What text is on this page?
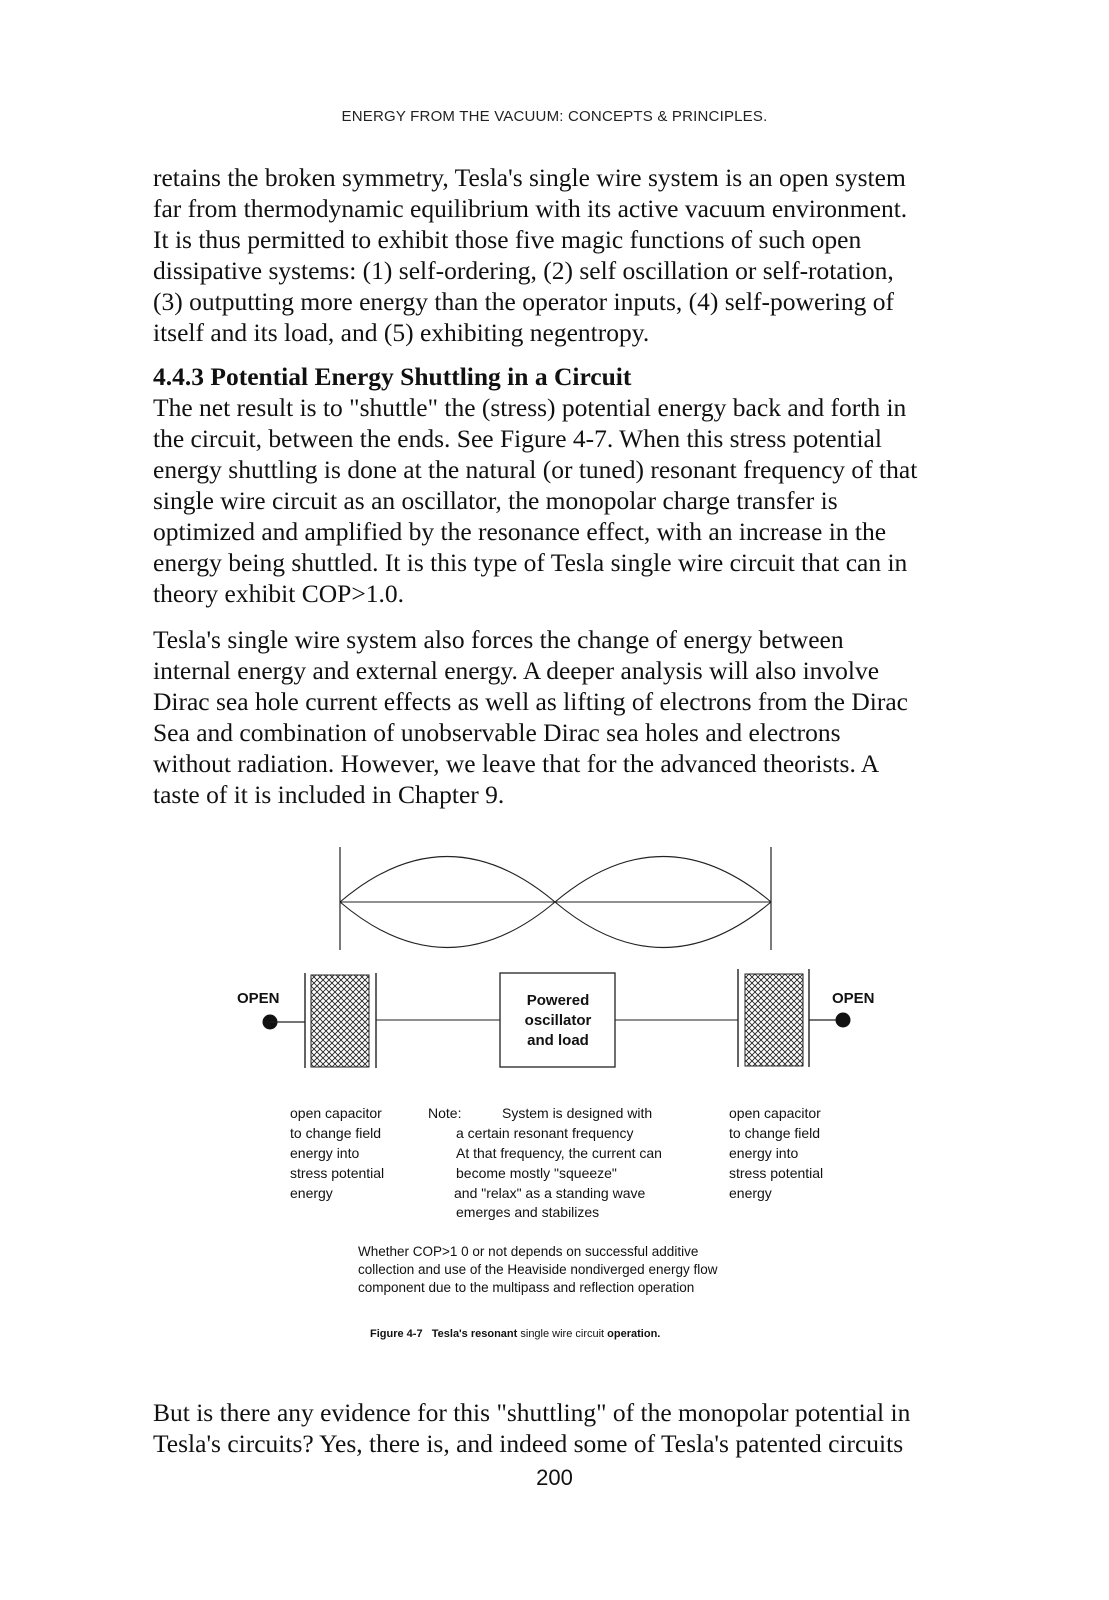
ENERGY FROM THE VACUUM: CONCEPTS & PRINCIPLES.

retains the broken symmetry, Tesla's single wire system is an open system

far from thermodynamic equilibrium with its active vacuum environment.

It is thus permitted to exhibit those five magic functions of such open

dissipative systems: (1) self-ordering, (2) self oscillation or self-rotation,

(3) outputting more energy than the operator inputs, (4) self-powering of

itself and its load, and (5) exhibiting negentropy.

4.4.3 Potential Energy Shuttling in a Circuit

The net result is to "shuttle" the (stress) potential energy back and forth in

the circuit, between the ends. See Figure 4-7. When this stress potential

energy shuttling is done at the natural (or tuned) resonant frequency of that

single wire circuit as an oscillator, the monopolar charge transfer is

optimized and amplified by the resonance effect, with an increase in the

energy being shuttled. It is this type of Tesla single wire circuit that can in

theory exhibit COP>1.0.

Tesla's single wire system also forces the change of energy between

internal energy and external energy. A deeper analysis will also involve

Dirac sea hole current effects as well as lifting of electrons from the Dirac

Sea and combination of unobservable Dirac sea holes and electrons

without radiation. However, we leave that for the advanced theorists. A

taste of it is included in Chapter 9.

OPEN	OPEN
Powered
oscillator
and load
open capacitor
to change field
energy into
stress potential
energy
Note:	System is designed with
a certain resonant frequency
At that frequency, the current can
become mostly "squeeze"
and "relax" as a standing wave
emerges and stabilizes
open capacitor
to change field
energy into
stress potential
energy
Whether COP>1 0 or not depends on successful additive
collection and use of the Heaviside nondiverged energy flow
component due to the multipass and reflection operation
Figure 4-7 Tesla's resonant single wire circuit operation.

But is there any evidence for this "shuttling" of the monopolar potential in

Tesla's circuits? Yes, there is, and indeed some of Tesla's patented circuits

200
